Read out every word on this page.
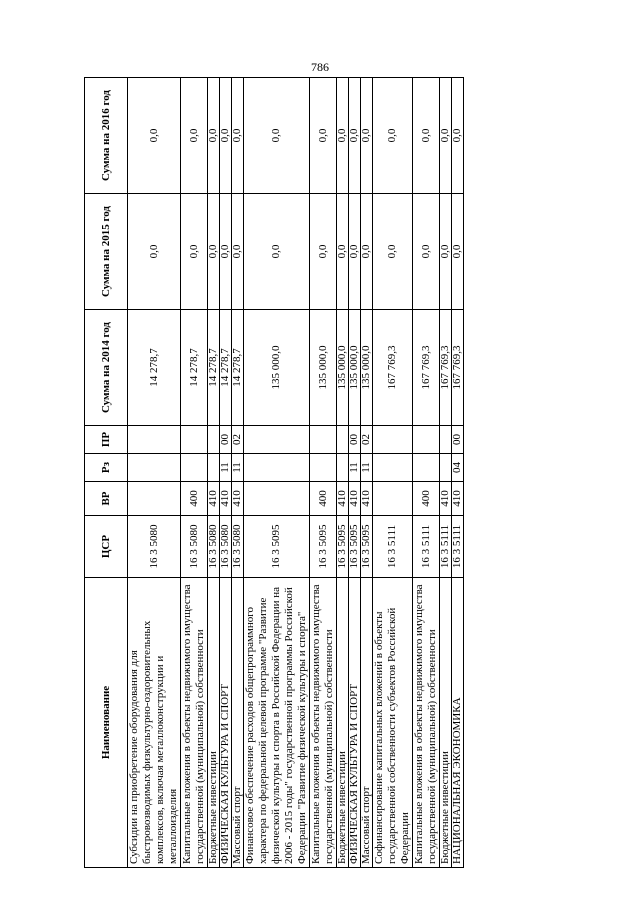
786
Наименование	ЦСР	ВР	Рз	ПР	Сумма на 2014 год	Сумма на 2015 год	Сумма на 2016 год
Субсидии на приобретение оборудования для быстровозводимых физкультурно-оздоровительных комплексов, включая металлоконструкции и металлоизделия	16 3 5080				14 278,7	0,0	0,0
Капитальные вложения в объекты недвижимого имущества государственной (муниципальной) собственности	16 3 5080	400			14 278,7	0,0	0,0
Бюджетные инвестиции	16 3 5080	410			14 278,7	0,0	0,0
ФИЗИЧЕСКАЯ КУЛЬТУРА И СПОРТ	16 3 5080	410	11	00	14 278,7	0,0	0,0
Массовый спорт	16 3 5080	410	11	02	14 278,7	0,0	0,0
Финансовое обеспечение расходов общепрограммного характера по федеральной целевой программе "Развитие физической культуры и спорта в Российской Федерации на 2006 - 2015 годы" государственной программы Российской Федерации "Развитие физической культуры и спорта"	16 3 5095				135 000,0	0,0	0,0
Капитальные вложения в объекты недвижимого имущества государственной (муниципальной) собственности	16 3 5095	400			135 000,0	0,0	0,0
Бюджетные инвестиции	16 3 5095	410			135 000,0	0,0	0,0
ФИЗИЧЕСКАЯ КУЛЬТУРА И СПОРТ	16 3 5095	410	11	00	135 000,0	0,0	0,0
Массовый спорт	16 3 5095	410	11	02	135 000,0	0,0	0,0
Софинансирование капитальных вложений в объекты государственной собственности субъектов Российской Федерации	16 3 5111				167 769,3	0,0	0,0
Капитальные вложения в объекты недвижимого имущества государственной (муниципальной) собственности	16 3 5111	400			167 769,3	0,0	0,0
Бюджетные инвестиции	16 3 5111	410			167 769,3	0,0	0,0
НАЦИОНАЛЬНАЯ ЭКОНОМИКА	16 3 5111	410	04	00	167 769,3	0,0	0,0
